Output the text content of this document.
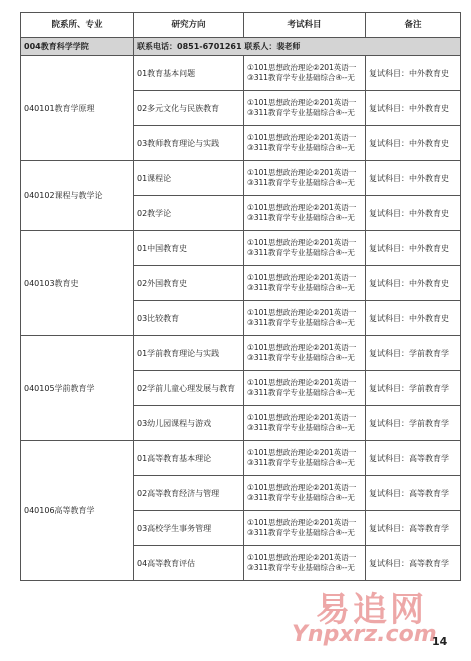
院系所、专业	研究方向	考试科目	备注
004教育科学学院	联系电话：0851-6701261 联系人：裴老师		
040101教育学原理	01教育基本问题	①101思想政治理论②201英语一③311教育学专业基础综合④--无	复试科目：中外教育史
	02多元文化与民族教育	①101思想政治理论②201英语一③311教育学专业基础综合④--无	复试科目：中外教育史
	03教师教育理论与实践	①101思想政治理论②201英语一③311教育学专业基础综合④--无	复试科目：中外教育史
040102课程与教学论	01课程论	①101思想政治理论②201英语一③311教育学专业基础综合④--无	复试科目：中外教育史
	02教学论	①101思想政治理论②201英语一③311教育学专业基础综合④--无	复试科目：中外教育史
040103教育史	01中国教育史	①101思想政治理论②201英语一③311教育学专业基础综合④--无	复试科目：中外教育史
	02外国教育史	①101思想政治理论②201英语一③311教育学专业基础综合④--无	复试科目：中外教育史
	03比较教育	①101思想政治理论②201英语一③311教育学专业基础综合④--无	复试科目：中外教育史
040105学前教育学	01学前教育理论与实践	①101思想政治理论②201英语一③311教育学专业基础综合④--无	复试科目：学前教育学
	02学前儿童心理发展与教育	①101思想政治理论②201英语一③311教育学专业基础综合④--无	复试科目：学前教育学
	03幼儿园课程与游戏	①101思想政治理论②201英语一③311教育学专业基础综合④--无	复试科目：学前教育学
040106高等教育学	01高等教育基本理论	①101思想政治理论②201英语一③311教育学专业基础综合④--无	复试科目：高等教育学
	02高等教育经济与管理	①101思想政治理论②201英语一③311教育学专业基础综合④--无	复试科目：高等教育学
	03高校学生事务管理	①101思想政治理论②201英语一③311教育学专业基础综合④--无	复试科目：高等教育学
	04高等教育评估	①101思想政治理论②201英语一③311教育学专业基础综合④--无	复试科目：高等教育学
易追网
Ynpxrz.com
14
